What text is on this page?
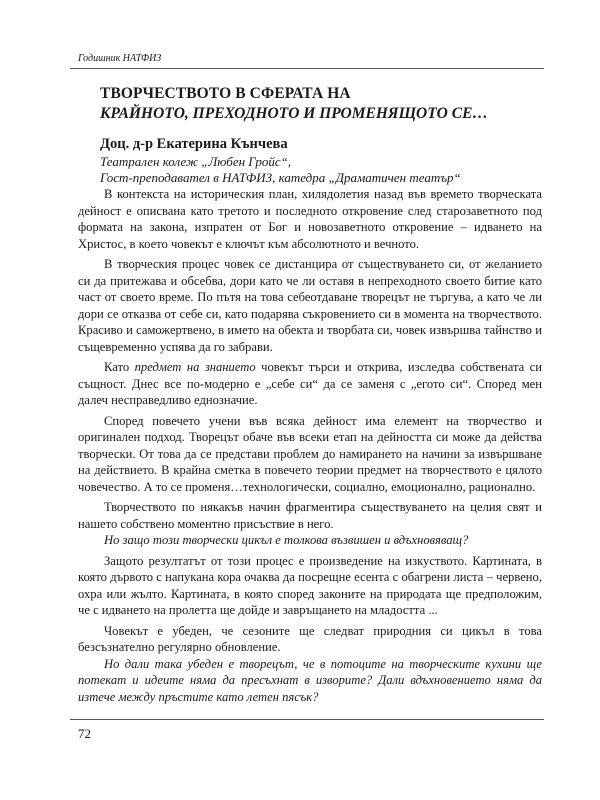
Годишник НАТФИЗ
ТВОРЧЕСТВОТО В СФЕРАТА НА
КРАЙНОТО, ПРЕХОДНОТО И ПРОМЕНЯЩОТО СЕ…
Доц. д-р Екатерина Кънчева
Театрален колеж „Любен Гройс“,
Гост-преподавател в НАТФИЗ, катедра „Драматичен театър“

В контекста на историческия план, хилядолетия назад във времето творческата дейност е описвана като третото и последното откровение след старозаветното под формата на закона, изпратен от Бог и новозаветното откровение – идването на Христос, в което човекът е ключът към абсолютното и вечното.

В творческия процес човек се дистанцира от съществуването си, от желанието си да притежава и обсебва, дори като че ли оставя в непреходното своето битие като част от своето време. По пътя на това себеотдаване творецът не търгува, а като че ли дори се отказва от себе си, като подарява съкровението си в момента на творчеството. Красиво и саможертвено, в името на обекта и творбата си, човек извършва тайнство и същевременно успява да го забрави.

Като предмет на знанието човекът търси и открива, изследва собствената си същност. Днес все по-модерно е „себе си“ да се заменя с „егото си“. Според мен далеч несправедливо еднозначие.

Според повечето учени във всяка дейност има елемент на творчество и оригинален подход. Творецът обаче във всеки етап на дейността си може да действа творчески. От това да се представи проблем до намирането на начини за извършване на действието. В крайна сметка в повечето теории предмет на творчеството е цялото човечество. А то се променя…технологически, социално, емоционално, рационално.

Творчеството по някакъв начин фрагментира съществуването на целия свят и нашето собствено моментно присъствие в него.

Но защо този творчески цикъл е толкова възвишен и вдъхновяващ?

Защото резултатът от този процес е произведение на изкуството. Картината, в която дървото с напукана кора очаква да посрещне есента с обагрени листа – червено, охра или жълто. Картината, в която според законите на природата ще предположим, че с идването на пролетта ще дойде и завръщането на младостта ...

Човекът е убеден, че сезоните ще следват природния си цикъл в това безсъзнателно регулярно обновление.

Но дали така убеден е творецът, че в потоците на творческите кухини ще потекат и идеите няма да пресъхнат в изворите? Дали вдъхновението няма да изтече между пръстите като летен пясък?

72
